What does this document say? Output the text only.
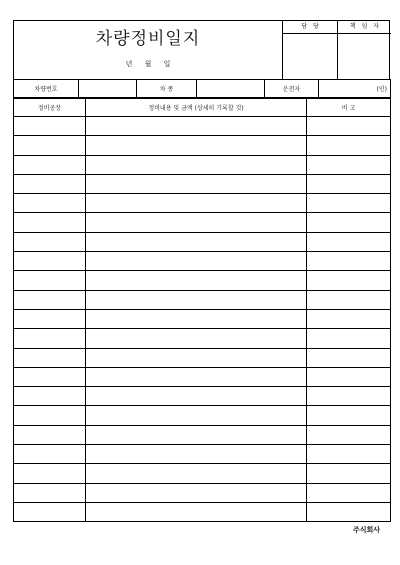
차량정비일지
년 월 일
담 당	책 임 자
차량번호		차 종		운전자	(인)
정비공장	정비내용 및 금액 (상세히 기록할 것)	비 고

주식회사
